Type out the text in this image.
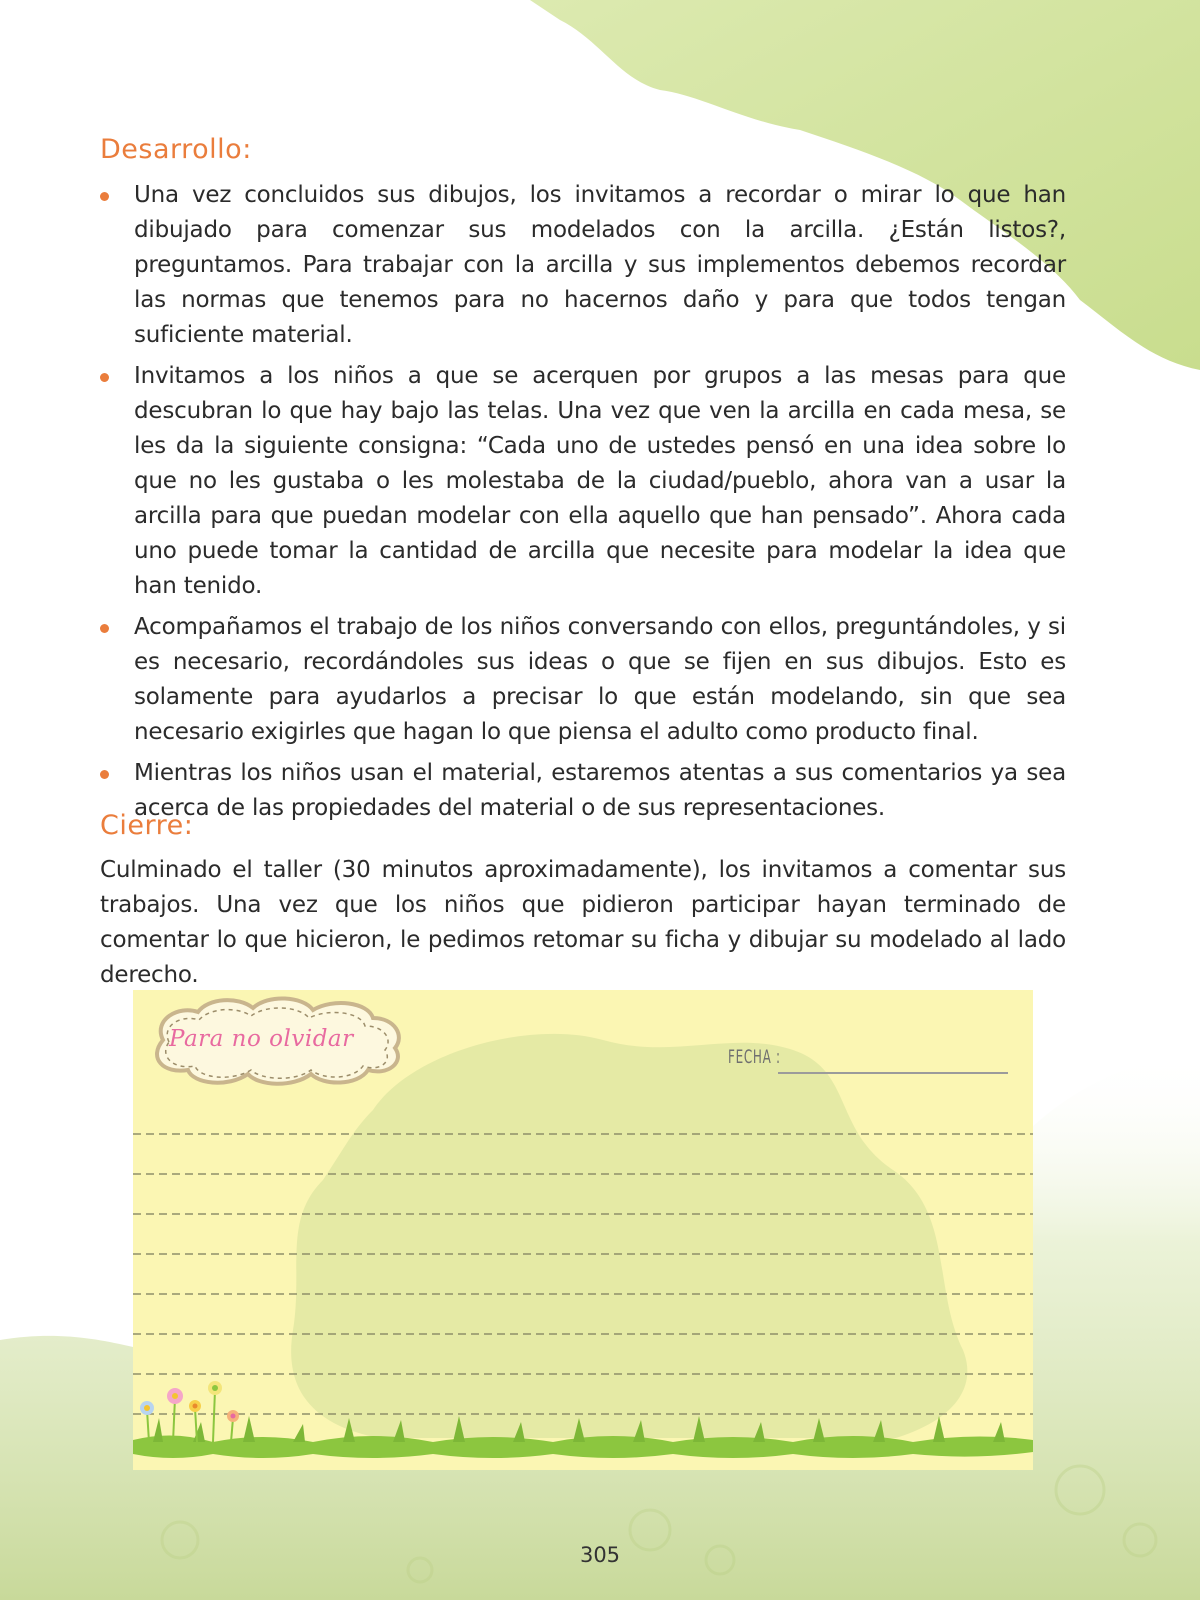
Desarrollo:
Una vez concluidos sus dibujos, los invitamos a recordar o mirar lo que han dibujado para comenzar sus modelados con la arcilla. ¿Están listos?, preguntamos. Para trabajar con la arcilla y sus implementos debemos recordar las normas que tenemos para no hacernos daño y para que todos tengan suficiente material.
Invitamos a los niños a que se acerquen por grupos a las mesas para que descubran lo que hay bajo las telas. Una vez que ven la arcilla en cada mesa, se les da la siguiente consigna: “Cada uno de ustedes pensó en una idea sobre lo que no les gustaba o les molestaba de la ciudad/pueblo, ahora van a usar la arcilla para que puedan modelar con ella aquello que han pensado”. Ahora cada uno puede tomar la cantidad de arcilla que necesite para modelar la idea que han tenido.
Acompañamos el trabajo de los niños conversando con ellos, preguntándoles, y si es necesario, recordándoles sus ideas o que se fijen en sus dibujos. Esto es solamente para ayudarlos a precisar lo que están modelando, sin que sea necesario exigirles que hagan lo que piensa el adulto como producto final.
Mientras los niños usan el material, estaremos atentas a sus comentarios ya sea acerca de las propiedades del material o de sus representaciones.
Cierre:

Culminado el taller (30 minutos aproximadamente), los invitamos a comentar sus trabajos. Una vez que los niños que pidieron participar hayan terminado de comentar lo que hicieron, le pedimos retomar su ficha y dibujar su modelado al lado derecho.

Para no olvidar
FECHA :
305
